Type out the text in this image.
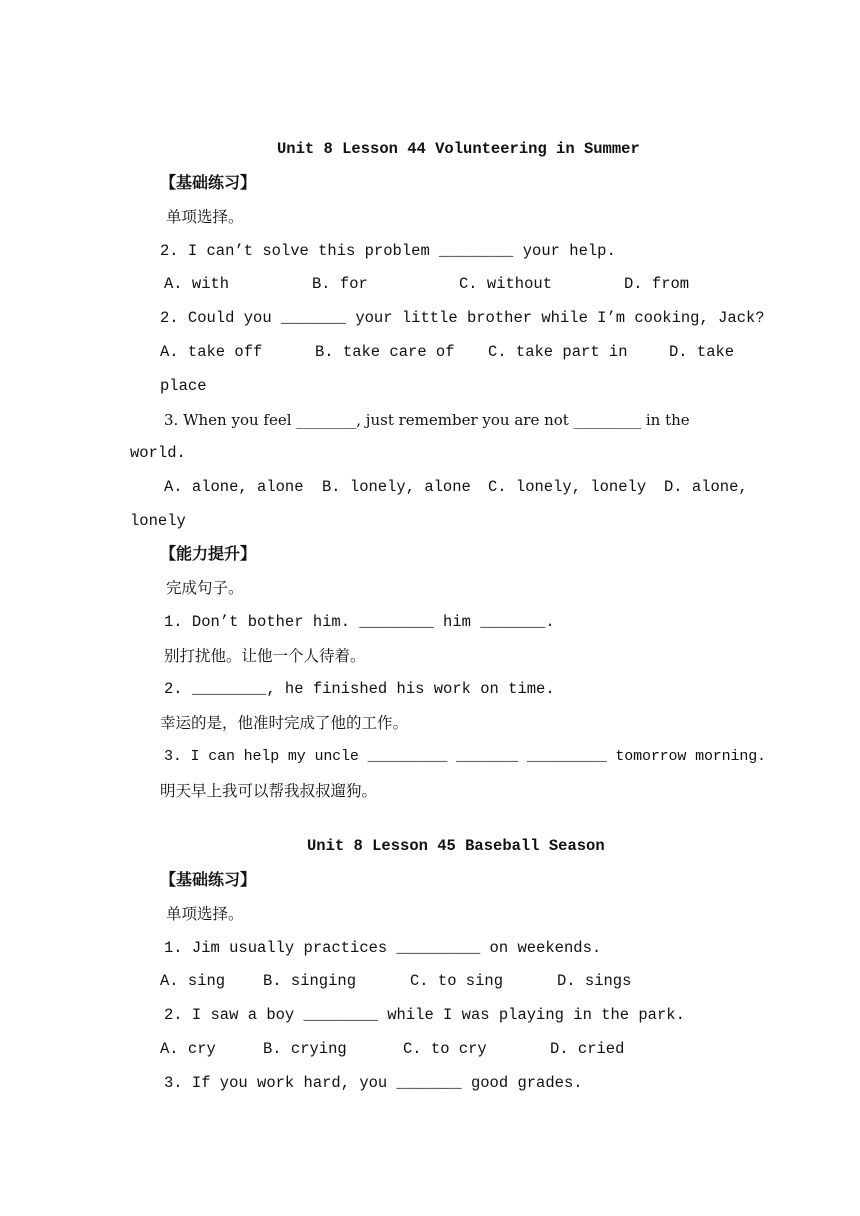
Unit 8 Lesson 44 Volunteering in Summer
【基础练习】
单项选择。
2. I can’t solve this problem ________ your help.
A. with	B. for	C. without	D. from
2. Could you _______ your little brother while I’m cooking, Jack?
A. take off	B. take care of C. take part in	D. take
place
3. When you feel ________, just remember you are not _________ in the
world.
A. alone, alone B. lonely, alone C. lonely, lonely D. alone,
lonely
【能力提升】
完成句子。
1. Don’t bother him. ________ him _______.
别打扰他。让他一个人待着。
2. ________, he finished his work on time.
幸运的是，他准时完成了他的工作。
3. I can help my uncle _________ _______ _________ tomorrow morning.
明天早上我可以帮我叔叔遛狗。
Unit 8 Lesson 45 Baseball Season
【基础练习】
单项选择。
1. Jim usually practices _________ on weekends.
A. sing B. singing	C. to sing	D. sings
2. I saw a boy ________ while I was playing in the park.
A. cry	B. crying	C. to cry	D. cried
3. If you work hard, you _______ good grades.
